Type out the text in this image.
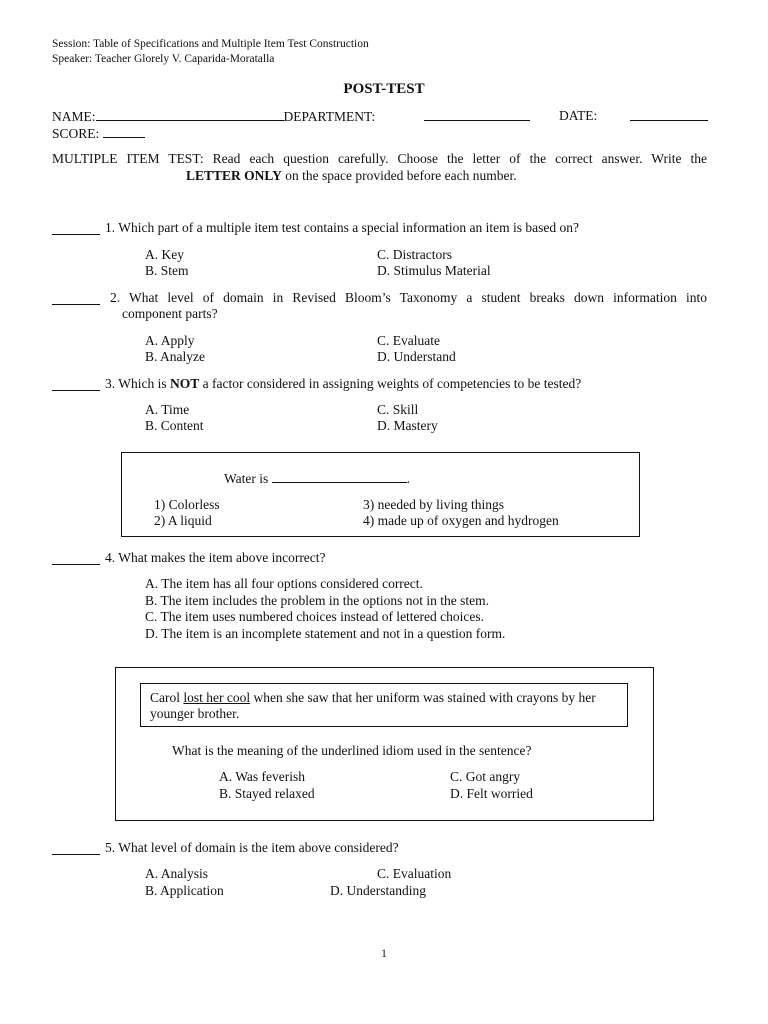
Session: Table of Specifications and Multiple Item Test Construction
Speaker: Teacher Glorely V. Caparida-Moratalla
POST-TEST
NAME:	DEPARTMENT:	DATE:
SCORE:
MULTIPLE ITEM TEST: Read each question carefully. Choose the letter of the correct answer. Write the
LETTER ONLY on the space provided before each number.
1. Which part of a multiple item test contains a special information an item is based on?
A. Key
B. Stem
C. Distractors
D. Stimulus Material
2. What level of domain in Revised Bloom’s Taxonomy a student breaks down information into
component parts?
A. Apply
B. Analyze
C. Evaluate
D. Understand
3. Which is NOT a factor considered in assigning weights of competencies to be tested?
A. Time
B. Content
C. Skill
D. Mastery
Water is	.
1) Colorless
2) A liquid
3) needed by living things
4) made up of oxygen and hydrogen
4. What makes the item above incorrect?
A. The item has all four options considered correct.
B. The item includes the problem in the options not in the stem.
C. The item uses numbered choices instead of lettered choices.
D. The item is an incomplete statement and not in a question form.
Carol lost her cool when she saw that her uniform was stained with crayons by her
younger brother.
What is the meaning of the underlined idiom used in the sentence?
A. Was feverish
B. Stayed relaxed
C. Got angry
D. Felt worried
5. What level of domain is the item above considered?
A. Analysis
B. Application
C. Evaluation
D. Understanding
1
